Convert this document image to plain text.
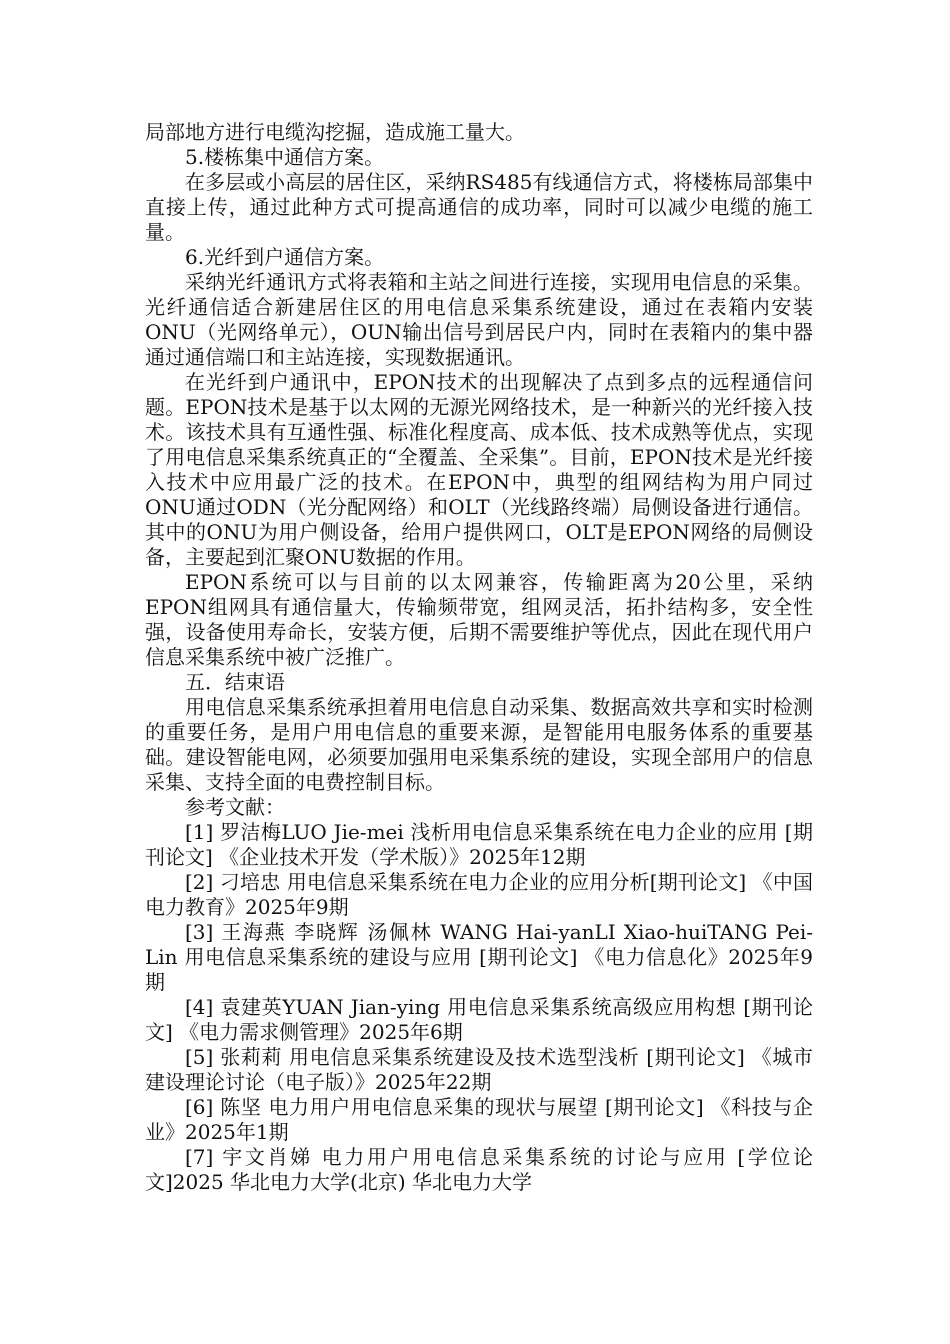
局部地方进行电缆沟挖掘，造成施工量大。

5.楼栋集中通信方案。

在多层或小高层的居住区，采纳RS485有线通信方式，将楼栋局部集中直接上传，通过此种方式可提高通信的成功率，同时可以减少电缆的施工量。

6.光纤到户通信方案。

采纳光纤通讯方式将表箱和主站之间进行连接，实现用电信息的采集。光纤通信适合新建居住区的用电信息采集系统建设，通过在表箱内安装ONU（光网络单元），OUN输出信号到居民户内，同时在表箱内的集中器通过通信端口和主站连接，实现数据通讯。

在光纤到户通讯中，EPON技术的出现解决了点到多点的远程通信问题。EPON技术是基于以太网的无源光网络技术，是一种新兴的光纤接入技术。该技术具有互通性强、标准化程度高、成本低、技术成熟等优点，实现了用电信息采集系统真正的“全覆盖、全采集”。目前，EPON技术是光纤接入技术中应用最广泛的技术。在EPON中，典型的组网结构为用户同过ONU通过ODN（光分配网络）和OLT（光线路终端）局侧设备进行通信。其中的ONU为用户侧设备，给用户提供网口，OLT是EPON网络的局侧设备，主要起到汇聚ONU数据的作用。

EPON系统可以与目前的以太网兼容，传输距离为20公里，采纳EPON组网具有通信量大，传输频带宽，组网灵活，拓扑结构多，安全性强，设备使用寿命长，安装方便，后期不需要维护等优点，因此在现代用户信息采集系统中被广泛推广。

五．结束语

用电信息采集系统承担着用电信息自动采集、数据高效共享和实时检测的重要任务，是用户用电信息的重要来源，是智能用电服务体系的重要基础。建设智能电网，必须要加强用电采集系统的建设，实现全部用户的信息采集、支持全面的电费控制目标。

参考文献：

[1] 罗洁梅LUO Jie-mei 浅析用电信息采集系统在电力企业的应用 [期刊论文] 《企业技术开发（学术版）》2025年12期

[2] 刁培忠 用电信息采集系统在电力企业的应用分析[期刊论文] 《中国电力教育》2025年9期

[3] 王海燕 李晓辉 汤佩林 WANG Hai-yanLI Xiao-huiTANG Pei-Lin 用电信息采集系统的建设与应用 [期刊论文] 《电力信息化》2025年9期

[4] 袁建英YUAN Jian-ying 用电信息采集系统高级应用构想 [期刊论文] 《电力需求侧管理》2025年6期

[5] 张莉莉 用电信息采集系统建设及技术选型浅析 [期刊论文] 《城市建设理论讨论（电子版）》2025年22期

[6] 陈坚 电力用户用电信息采集的现状与展望 [期刊论文] 《科技与企业》2025年1期

[7] 宇文肖娣 电力用户用电信息采集系统的讨论与应用 [学位论文]2025 华北电力大学(北京) 华北电力大学
